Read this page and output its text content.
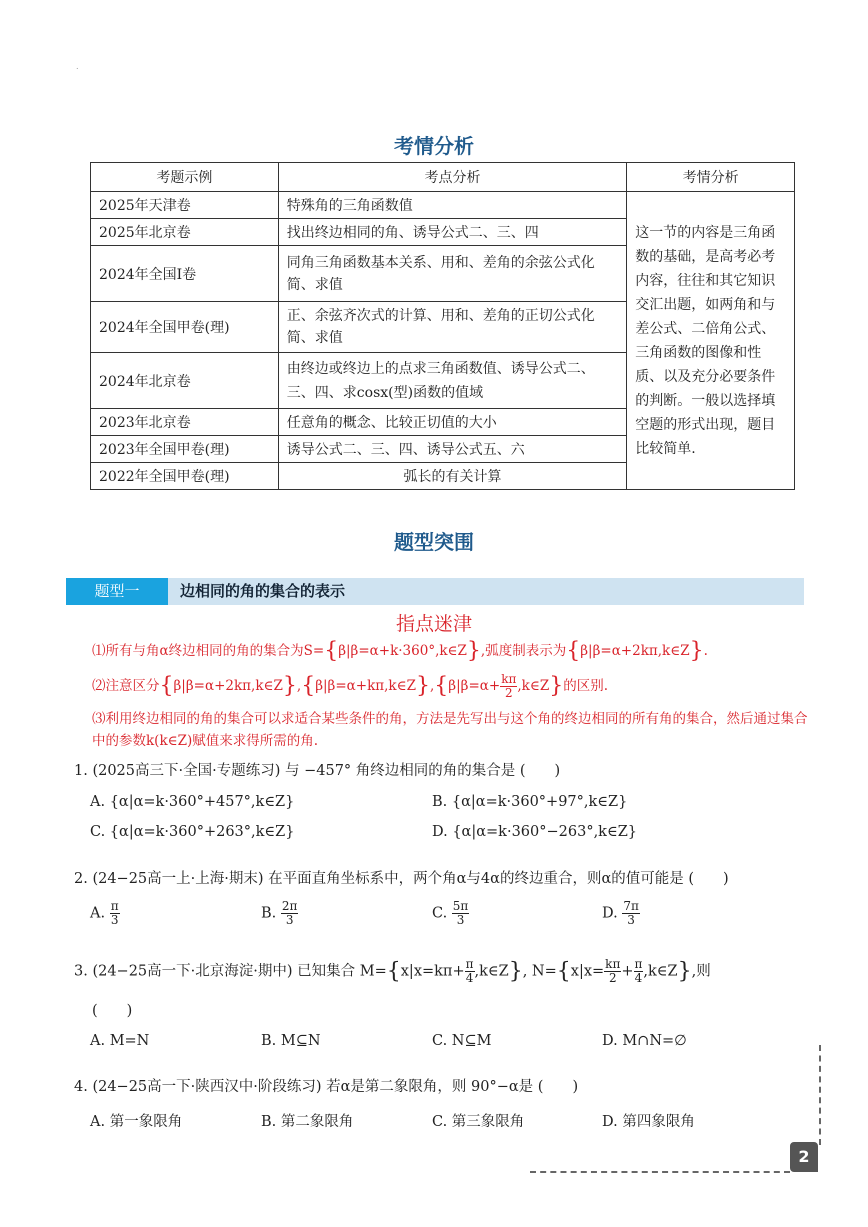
.
考情分析
考题示例	考点分析	考情分析
2025年天津卷	特殊角的三角函数值	这一节的内容是三角函数的基础，是高考必考内容，往往和其它知识交汇出题，如两角和与差公式、二倍角公式、三角函数的图像和性质、以及充分必要条件的判断。一般以选择填空题的形式出现，题目比较简单.
2025年北京卷	找出终边相同的角、诱导公式二、三、四	
2024年全国Ⅰ卷	同角三角函数基本关系、用和、差角的余弦公式化简、求值	
2024年全国甲卷(理)	正、余弦齐次式的计算、用和、差角的正切公式化简、求值	
2024年北京卷	由终边或终边上的点求三角函数值、诱导公式二、三、四、求cosx(型)函数的值域	
2023年北京卷	任意角的概念、比较正切值的大小	
2023年全国甲卷(理)	诱导公式二、三、四、诱导公式五、六	
2022年全国甲卷(理)	弧长的有关计算	
题型突围
题型一	边相同的角的集合的表示
指点迷津
⑴所有与角α终边相同的角的集合为S={β|β=α+k·360°,k∈Z},弧度制表示为{β|β=α+2kπ,k∈Z}.
⑵注意区分{β|β=α+2kπ,k∈Z},{β|β=α+kπ,k∈Z},{β|β=α+ $\frac{k\pi}{2}$ ,k∈Z}的区别.
⑶利用终边相同的角的集合可以求适合某些条件的角，方法是先写出与这个角的终边相同的所有角的集合，然后通过集合中的参数k(k∈Z)赋值来求得所需的角.
1. (2025高三下·全国·专题练习) 与 −457° 角终边相同的角的集合是 (　　)
A. {α|α=k·360°+457°,k∈Z}	B. {α|α=k·360°+97°,k∈Z}
C. {α|α=k·360°+263°,k∈Z}	D. {α|α=k·360°−263°,k∈Z}
2. (24−25高一上·上海·期末) 在平面直角坐标系中，两个角α与4α的终边重合，则α的值可能是 (　　)
A. $\frac{\pi}{3}$	B. $\frac{2\pi}{3}$	C. $\frac{5\pi}{3}$	D. $\frac{7\pi}{3}$
3. (24−25高一下·北京海淀·期中) 已知集合 $M=\{x|x=k\pi+ \frac{\pi}{4}$ ,k∈Z}, $N=\{x|x= \frac{k\pi}{2} + \frac{\pi}{4}$ ,k∈Z},则
(　　)
A. M=N	B. M⊆N	C. N⊆M	D. M∩N=∅
4. (24−25高一下·陕西汉中·阶段练习) 若α是第二象限角，则 90°−α是 (　　)
A. 第一象限角	B. 第二象限角	C. 第三象限角	D. 第四象限角
2
